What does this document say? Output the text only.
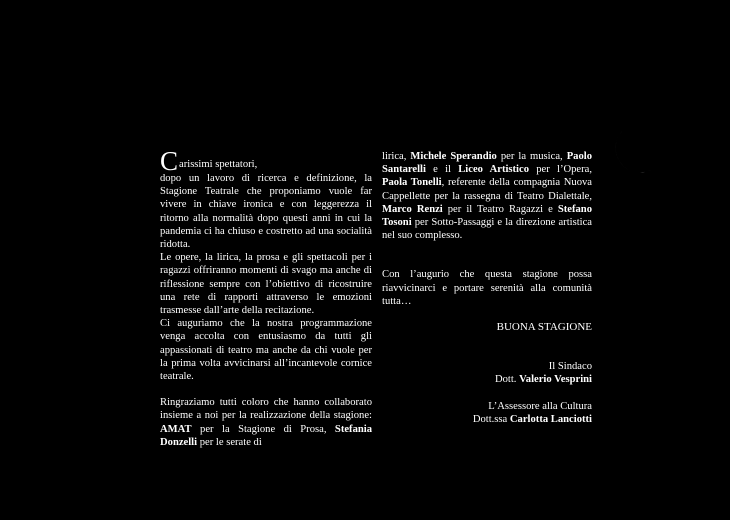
C arissimi spettatori,

dopo un lavoro di ricerca e definizione, la Stagione Teatrale che proponiamo vuole far vivere in chiave ironica e con leggerezza il ritorno alla normalità dopo questi anni in cui la pandemia ci ha chiuso e costretto ad una socialità ridotta.

Le opere, la lirica, la prosa e gli spettacoli per i ragazzi offriranno momenti di svago ma anche di riflessione sempre con l’obiettivo di ricostruire una rete di rapporti attraverso le emozioni trasmesse dall’arte della recitazione.

Ci auguriamo che la nostra programmazione venga accolta con entusiasmo da tutti gli appassionati di teatro ma anche da chi vuole per la prima volta avvicinarsi all’incantevole cornice teatrale.

Ringraziamo tutti coloro che hanno collaborato insieme a noi per la realizzazione della stagione: AMAT per la Stagione di Prosa, Stefania Donzelli per le serate di

lirica, Michele Sperandio per la musica, Paolo Santarelli e il Liceo Artistico per l’Opera, Paola Tonelli, referente della compagnia Nuova Cappellette per la rassegna di Teatro Dialettale, Marco Renzi per il Teatro Ragazzi e Stefano Tosoni per Sotto-Passaggi e la direzione artistica nel suo complesso.

Con l’augurio che questa stagione possa riavvicinarci e portare serenità alla comunità tutta…

BUONA STAGIONE

Il Sindaco

Dott. Valerio Vesprini

L’Assessore alla Cultura

Dott.ssa Carlotta Lanciotti
